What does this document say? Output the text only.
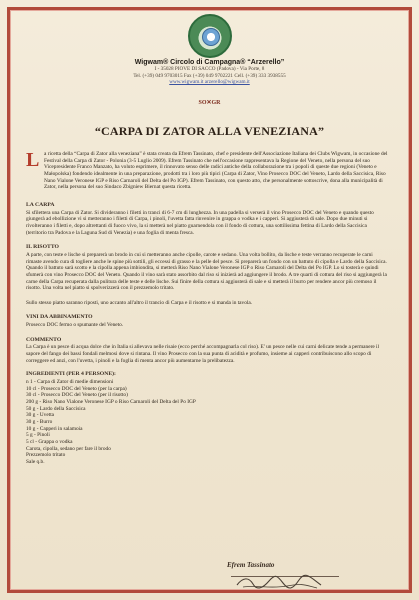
Wigwam® Circolo di Campagna® “Arzerello”
I - 35028 PIOVE DI SACCO (Padova) - Via Porte, 8
Tel. (+39) 049 9703015 Fax (+39) 049 9702221 Cell. (+39) 333 3938555
www.wigwam.it arzerello@wigwam.it
SO✕GR
“CARPA DI ZATOR ALLA VENEZIANA”
L a ricetta della “Carpa di Zator alla veneziana” è stata creata da Efrem Tassinato, chef e presidente dell'Associazione Italiana dei Clubs Wigwam, in occasione del Festival della Carpa di Zator - Polonia (3-5 Luglio 2009). Efrem Tassinato che nell'occasione rappresentava la Regione del Veneto, nella persona del suo Vicepresidente Franco Manzato, ha voluto esprimere, il rinnovato senso delle radici antiche della collaborazione tra i popoli di queste due regioni (Veneto e Małopolska) fondendo idealmente in una preparazione, prodotti tra i loro più tipici (Carpa di Zator, Vino Prosecco DOC del Veneto, Lardo della Saccisica, Riso Nano Vialone Veronese IGP e Riso Carnaroli del Delta del Po IGP). Efrem Tassinato, con questo atto, che personalmente sottoscrive, dona alla municipalità di Zator, nella persona del suo Sindaco Zbigniew Biernat questa ricetta.

LA CARPA

Si sfilettera una Carpa di Zator. Si divideranno i filetti in tranci di 6-7 cm di lunghezza. In una padella si verserà il vino Prosecco DOC del Veneto e quando questo giungerà ad ebollizione vi si metteranno i filetti di Carpa, i pinoli, l'uvetta fatta rinvenire in grappa o vodka e i capperi. Si aggiusterà di sale. Dopo due minuti si rivolteranno i filetti e, dopo altrettanti di fuoco vivo, la si metterà nel piatto guarnendola con il fondo di cottura, una sottilissima fettina di Lardo della Saccisica (territorio tra Padova e la Laguna Sud di Venezia) e una foglia di menta fresca.

IL RISOTTO

A parte, con teste e lische si preparerà un brodo in cui si metteranno anche cipolle, carote e sedano. Una volta bollito, da lische e teste verranno recuperate le carni rimaste avendo cura di togliere anche le spine più sottili, gli eccessi di grasso e la pelle del pesce. Si preparerà un fondo con un battuto di cipolla e Lardo della Saccisica. Quando il battuto sarà scotto e la cipolla appena imbiondita, si metterà Riso Nano Vialone Veronese IGP o Riso Carnaroli del Delta del Po IGP. Lo si tosterà e quindi sfumerà con vino Prosecco DOC del Veneto. Quando il vino sarà stato assorbito dal riso si inizierà ad aggiungere il brodo. A tre quarti di cottura del riso si aggiungerà la carne della Carpa recuperata dalla pulitura delle teste e delle lische. Sui finire della cottura si aggiusterà di sale e si metterà il burro per rendere ancor più cremoso il risotto. Una volta nel piatto si spolverizzerà con il prezzemolo tritato.

Sullo stesso piatto saranno riposti, uno accanto all'altro il trancio di Carpa e il risotto e si manda in tavola.

VINI DA ABBINAMENTO

Prosecco DOC fermo o spumante del Veneto.

COMMENTO

La Carpa è un pesce di acqua dolce che in Italia si allevava nelle risaie (ecco perché accompagnarla col riso). E' un pesce nelle cui carni delicate tende a permanere il sapore del fango dei bassi fondali melmosi dove si rintana. Il vino Prosecco con la sua punta di acidità e profumo, insieme ai capperi contribuiscono allo scopo di correggere ed anzi, con l'uvetta, i pinoli e la foglia di menta ancor più aumentarne la prelibatezza.

INGREDIENTI (PER 4 PERSONE):
n 1 - Carpa di Zator di medie dimensioni
10 cl - Prosecco DOC del Veneto (per la carpa)
30 cl - Prosecco DOC del Veneto (per il risotto)
200 g - Riso Nano Vialone Veronese IGP o Riso Carnaroli del Delta del Po IGP
50 g - Lardo della Saccisica
30 g - Uvetta
30 g - Burro
10 g - Capperi in salamoia
5 g - Pinoli
5 cl - Grappa o vodka
Carota, cipolla, sedano per fare il brodo
Prezzemolo tritato
Sale q.b.
Efrem Tassinato
